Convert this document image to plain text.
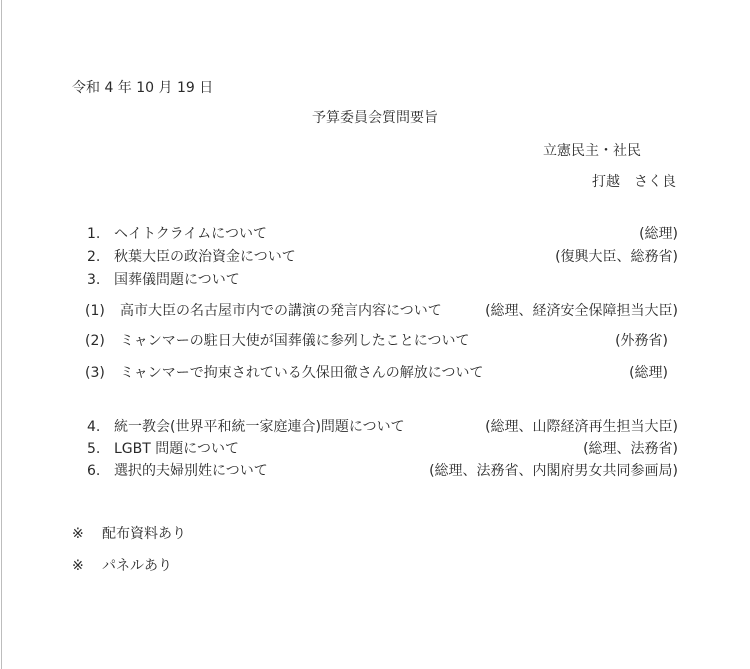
令和 4 年 10 月 19 日
予算委員会質問要旨
立憲民主・社民
打越　さく良
1. ヘイトクライムについて	(総理)
2. 秋葉大臣の政治資金について	(復興大臣、総務省)
3. 国葬儀問題について
(1) 高市大臣の名古屋市内での講演の発言内容について	(総理、経済安全保障担当大臣)
(2) ミャンマーの駐日大使が国葬儀に参列したことについて	(外務省)
(3) ミャンマーで拘束されている久保田徹さんの解放について	(総理)
4. 統一教会(世界平和統一家庭連合)問題について	(総理、山際経済再生担当大臣)
5. LGBT 問題について	(総理、法務省)
6. 選択的夫婦別姓について	(総理、法務省、内閣府男女共同参画局)
※ 配布資料あり
※ パネルあり
